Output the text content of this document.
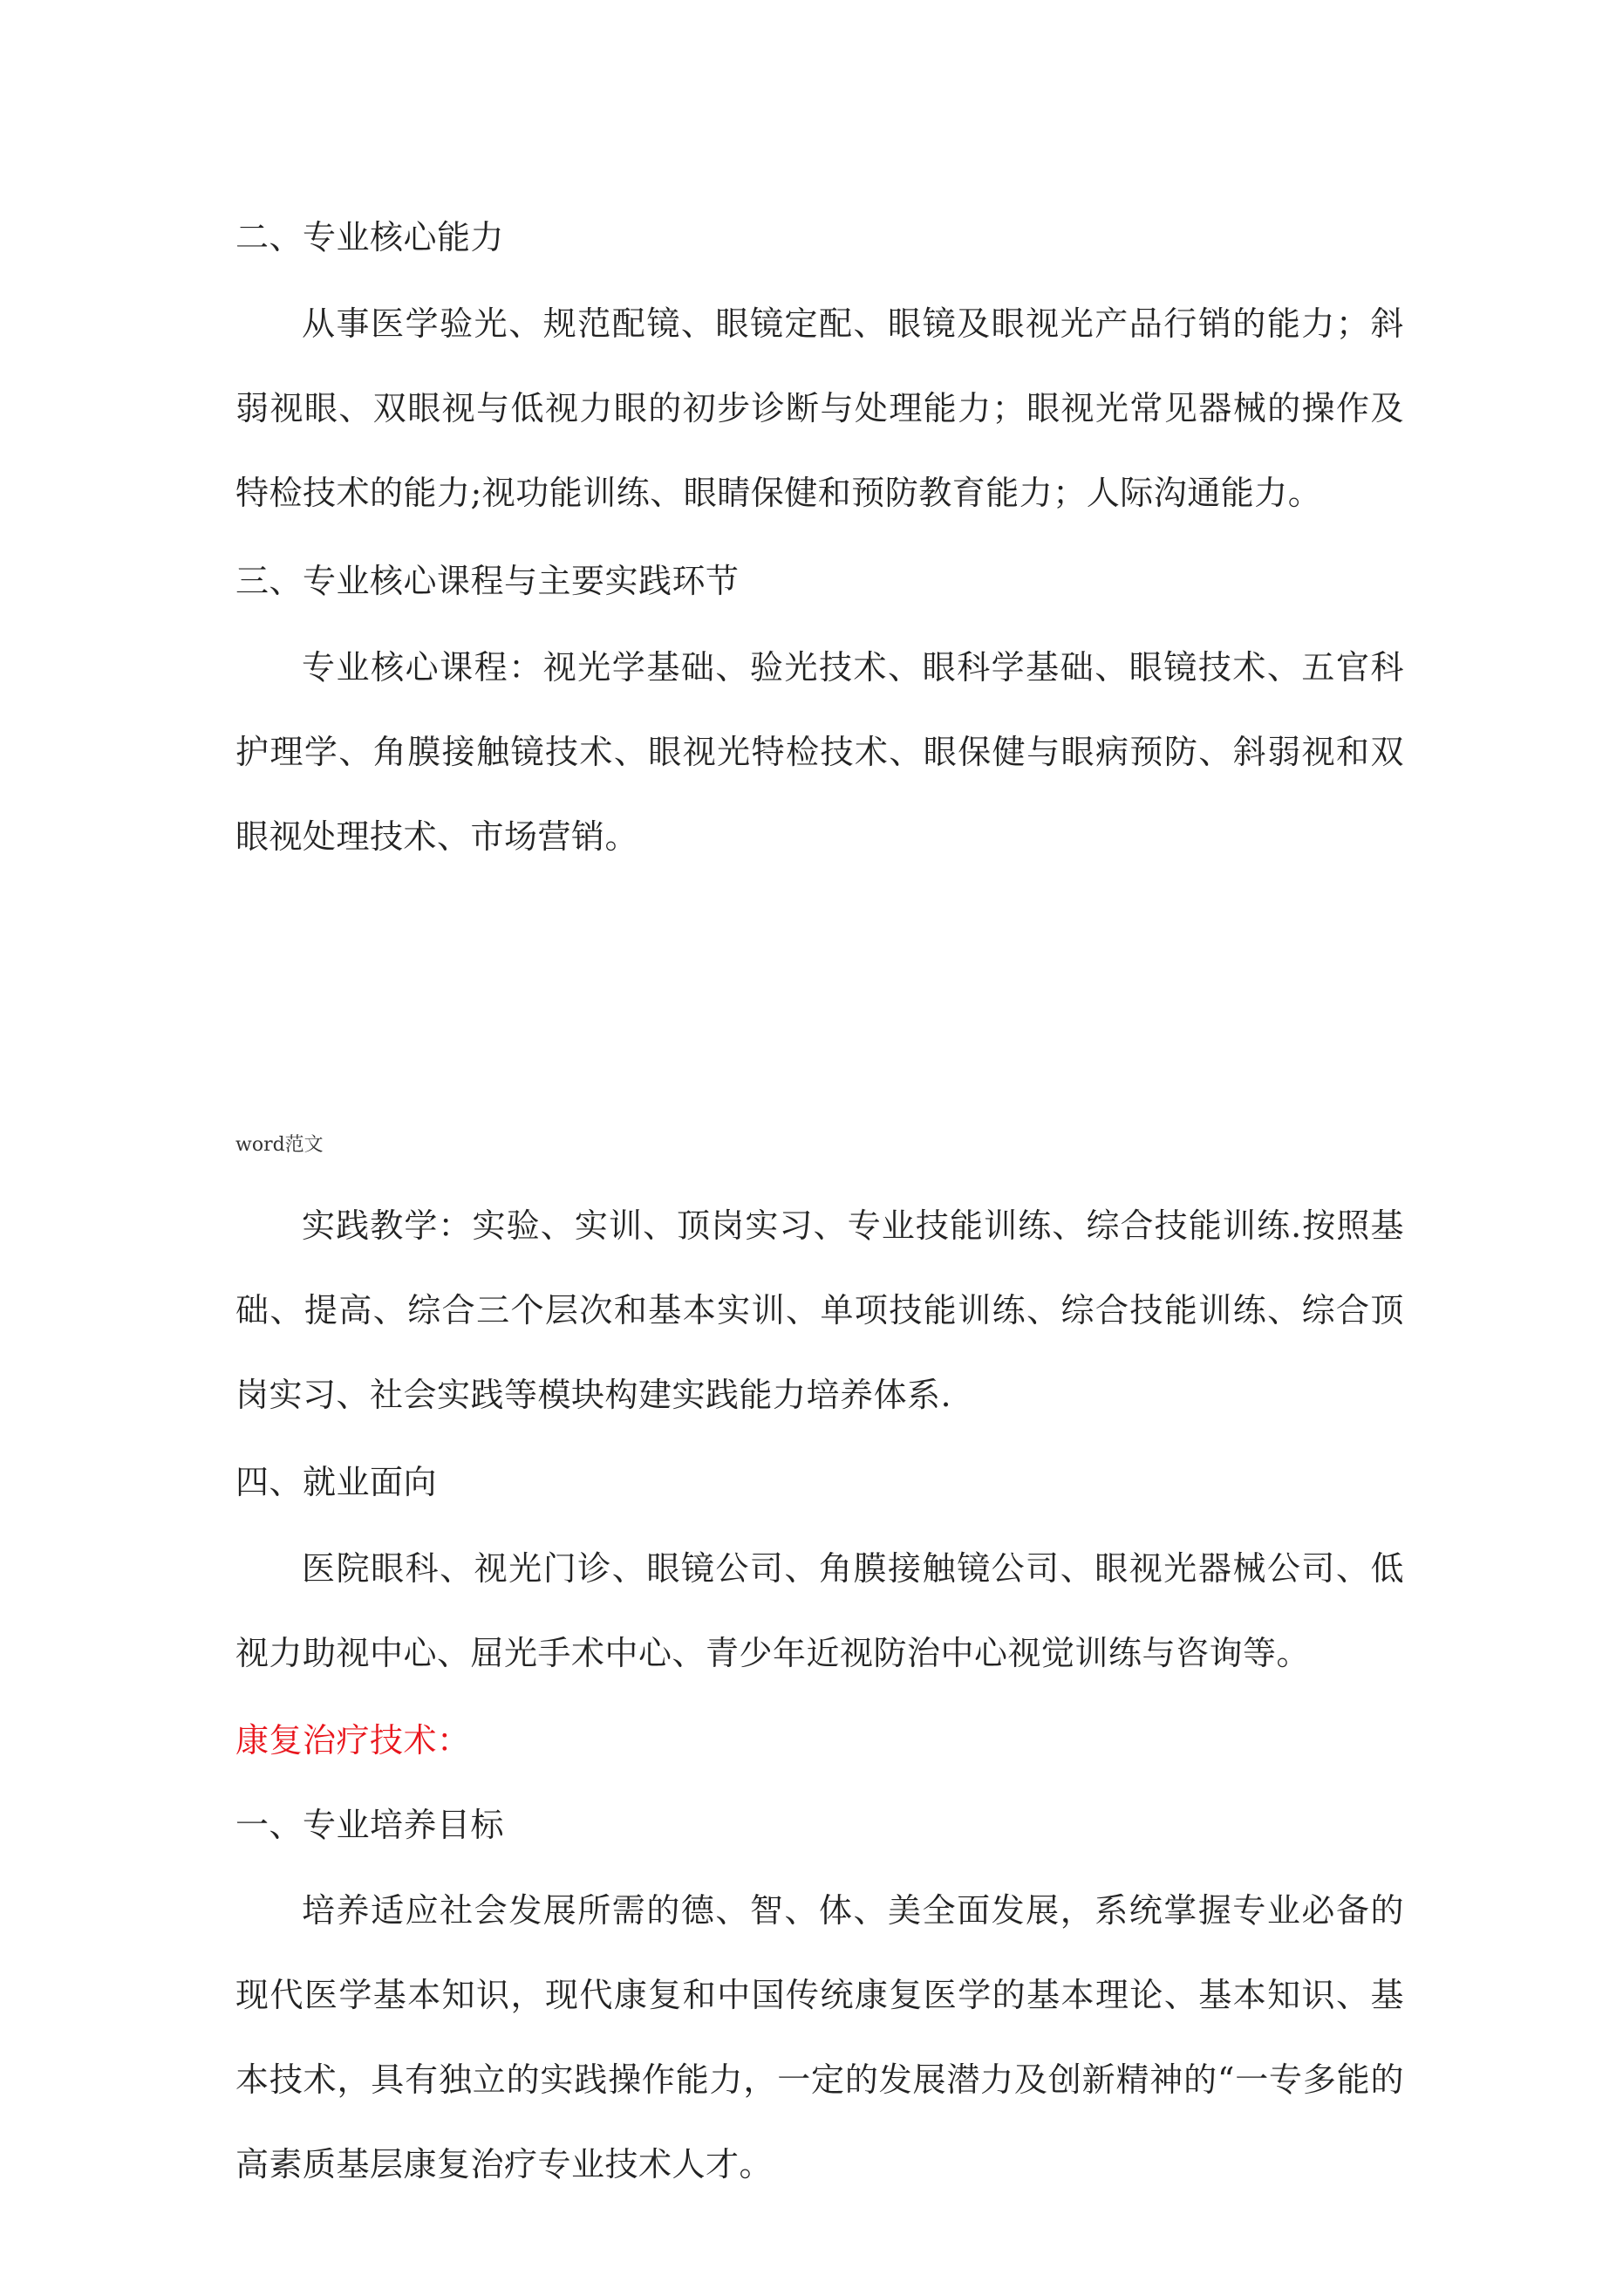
二、专业核心能力
从事医学验光、规范配镜、眼镜定配、眼镜及眼视光产品行销的能力；斜弱视眼、双眼视与低视力眼的初步诊断与处理能力；眼视光常见器械的操作及特检技术的能力;视功能训练、眼睛保健和预防教育能力；人际沟通能力。
三、专业核心课程与主要实践环节
专业核心课程：视光学基础、验光技术、眼科学基础、眼镜技术、五官科护理学、角膜接触镜技术、眼视光特检技术、眼保健与眼病预防、斜弱视和双眼视处理技术、市场营销。
word范文
实践教学：实验、实训、顶岗实习、专业技能训练、综合技能训练.按照基础、提高、综合三个层次和基本实训、单项技能训练、综合技能训练、综合顶岗实习、社会实践等模块构建实践能力培养体系.
四、就业面向
医院眼科、视光门诊、眼镜公司、角膜接触镜公司、眼视光器械公司、低视力助视中心、屈光手术中心、青少年近视防治中心视觉训练与咨询等。
康复治疗技术：
一、专业培养目标
培养适应社会发展所需的德、智、体、美全面发展，系统掌握专业必备的现代医学基本知识，现代康复和中国传统康复医学的基本理论、基本知识、基本技术，具有独立的实践操作能力，一定的发展潜力及创新精神的“一专多能的高素质基层康复治疗专业技术人才。
